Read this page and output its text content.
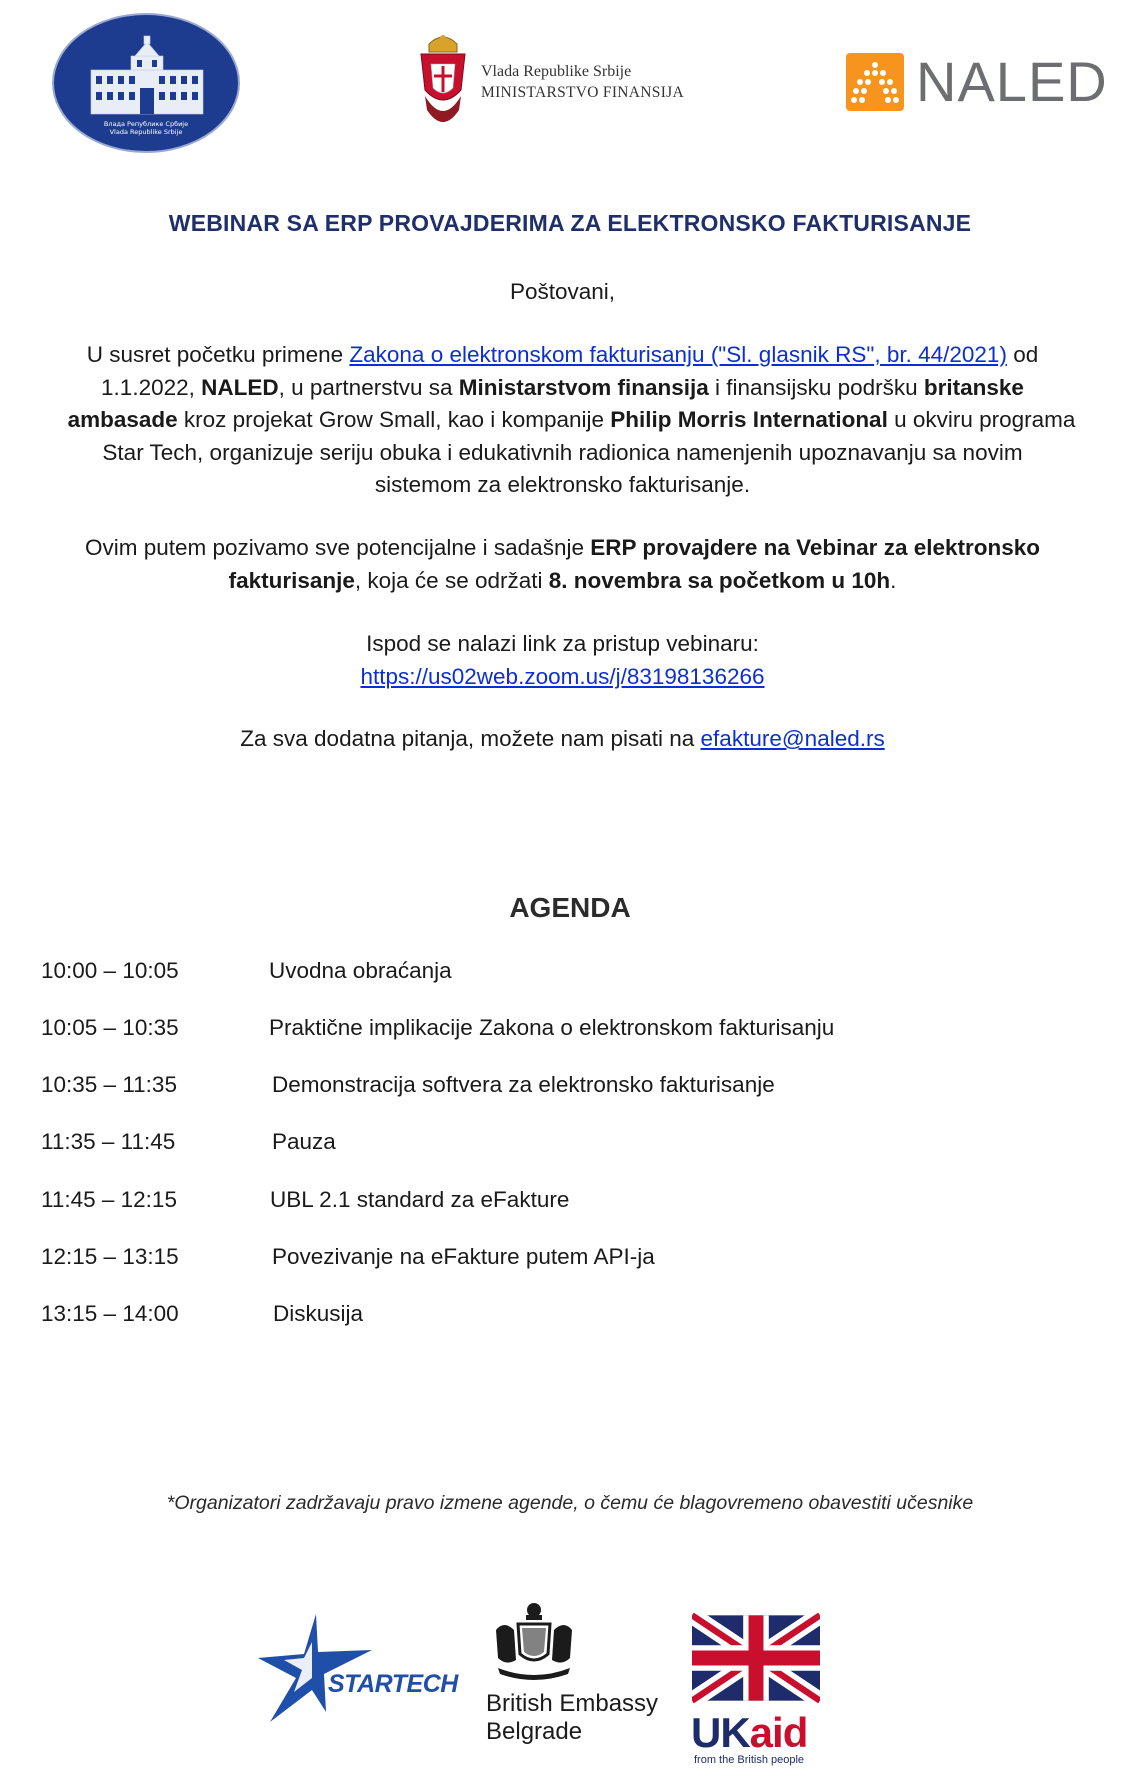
Влада Републике Србије
Vlada Republike Srbije
Vlada Republike Srbije
MINISTARSTVO FINANSIJA	NALED
WEBINAR SA ERP PROVAJDERIMA ZA ELEKTRONSKO FAKTURISANJE
Poštovani,
U susret početku primene Zakona o elektronskom fakturisanju ("Sl. glasnik RS", br. 44/2021) od
1.1.2022, NALED, u partnerstvu sa Ministarstvom finansija i finansijsku podršku britanske
ambasade kroz projekat Grow Small, kao i kompanije Philip Morris International u okviru programa
Star Tech, organizuje seriju obuka i edukativnih radionica namenjenih upoznavanju sa novim
sistemom za elektronsko fakturisanje.
Ovim putem pozivamo sve potencijalne i sadašnje ERP provajdere na Vebinar za elektronsko
fakturisanje, koja će se održati 8. novembra sa početkom u 10h.
Ispod se nalazi link za pristup vebinaru:
https://us02web.zoom.us/j/83198136266
Za sva dodatna pitanja, možete nam pisati na efakture@naled.rs
AGENDA
10:00 – 10:05	Uvodna obraćanja
10:05 – 10:35	Praktične implikacije Zakona o elektronskom fakturisanju
10:35 – 11:35	Demonstracija softvera za elektronsko fakturisanje
11:35 – 11:45	Pauza
11:45 – 12:15	UBL 2.1 standard za eFakture
12:15 – 13:15	Povezivanje na eFakture putem API-ja
13:15 – 14:00	Diskusija
*Organizatori zadržavaju pravo izmene agende, o čemu će blagovremeno obavestiti učesnike
STARTECH
British Embassy
Belgrade	UKaid
from the British people
